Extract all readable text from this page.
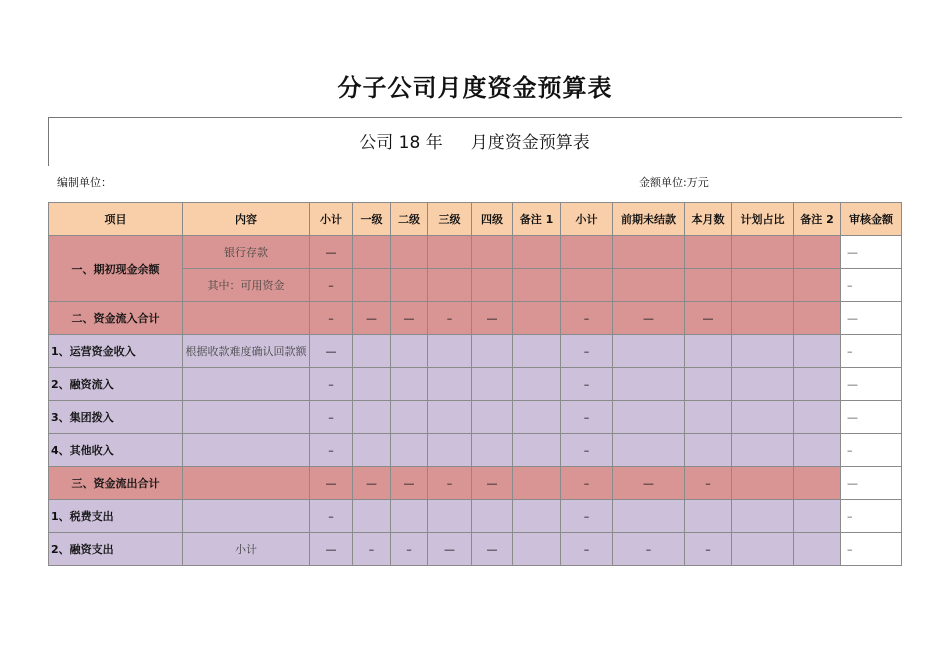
分子公司月度资金预算表
公司 18 年 月度资金预算表
编制单位：	金额单位:万元
项目	内容	小计	一级	二级	三级	四级	备注 1	小计	前期未结款	本月数	计划占比	备注 2	审核金额
一、期初现金余额	银行存款	—											—
	其中：可用资金	–											–
二、资金流入合计		–	—	—	–	—		–	—	—			—
1、运营资金收入	根据收款难度确认回款额	—						–					–
2、融资流入		–						–					—
3、集团拨入		–						–					—
4、其他收入		–						–					–
三、资金流出合计		—	—	—	–	—		–	—	–			—
1、税费支出		–						–					–
2、融资支出	小计	—	–	–	—	—		–	–	–			–
